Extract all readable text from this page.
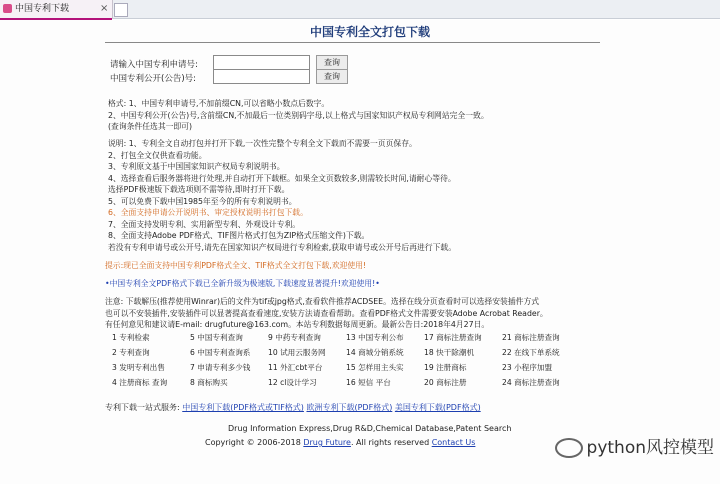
中国专利下载	×
中国专利全文打包下载
请输入中国专利申请号:	查询
中国专利公开(公告)号:	查询
格式: 1、中国专利申请号,不加前缀CN,可以省略小数点后数字。
2、中国专利公开(公告)号,含前缀CN,不加最后一位类别码字母,以上格式与国家知识产权局专利网站完全一致。
(查询条件任选其一即可)
说明: 1、专利全文自动打包并打开下载,一次性完整个专利全文下载而不需要一页页保存。
2、打包全文仅供查看功能。
3、专利原文基于中国国家知识产权局专利说明书。
4、选择查看后服务器将进行处理,并自动打开下载框。如果全文页数较多,则需较长时间,请耐心等待。
选择PDF极速版下载选项则不需等待,即时打开下载。
5、可以免费下载中国1985年至今的所有专利说明书。
6、全面支持申请公开说明书、审定授权说明书打包下载。
7、全面支持发明专利、实用新型专利、外观设计专利。
8、全面支持Adobe PDF格式、TIF图片格式打包为ZIP格式压缩文件)下载。
若没有专利申请号或公开号,请先在国家知识产权局进行专利检索,获取申请号或公开号后再进行下载。
提示:现已全面支持中国专利PDF格式全文、TIF格式全文打包下载,欢迎使用!
•中国专利全文PDF格式下载已全新升级为极速版,下载速度显著提升!欢迎使用!•
注意: 下载解压(推荐使用Winrar)后的文件为tif或jpg格式,查看软件推荐ACDSEE。选择在线分页查看时可以选择安装插件方式
也可以不安装插件,安装插件可以显著提高查看速度,安装方法请查看帮助。查看PDF格式文件需要安装Adobe Acrobat Reader。
有任何意见和建议请E-mail: drugfuture@163.com。本站专利数据每周更新。最新公告日:2018年4月27日。
1 专利检索	5 中国专利查询	9 中药专利查询	13 中国专利公布	17 商标注册查询	21 商标注册查询
2 专利查询	6 中国专利查询系 10 试用云服务网	14 商城分销系统	18 快干除潮机	22 在线下单系统
3 发明专利出售	7 申请专利多少钱 11 外汇cbt平台	15 怎样用主头实	19 注册商标	23 小程序加盟
4 注册商标 查询	8 商标购买	12 cl设计学习	16 短信 平台	20 商标注册	24 商标注册查询
专利下载一站式服务: 中国专利下载(PDF格式或TIF格式) 欧洲专利下载(PDF格式) 美国专利下载(PDF格式)
Drug Information Express,Drug R&D,Chemical Database,Patent Search
Copyright © 2006-2018 Drug Future. All rights reserved Contact Us	python风控模型
